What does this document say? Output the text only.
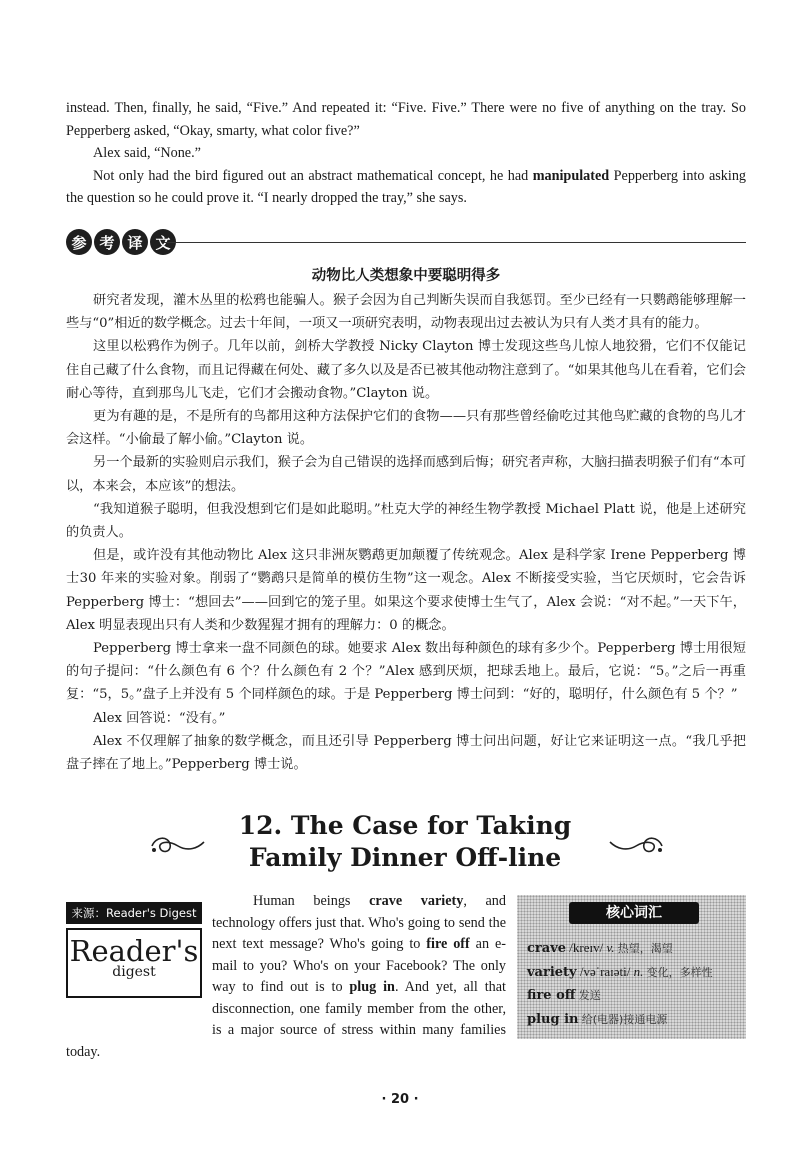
instead. Then, finally, he said, “Five.” And repeated it: “Five. Five.” There were no five of anything on the tray. So Pepperberg asked, “Okay, smarty, what color five?”

Alex said, “None.”

Not only had the bird figured out an abstract mathematical concept, he had manipulated Pepperberg into asking the question so he could prove it. “I nearly dropped the tray,” she says.

参 考 译 文
动物比人类想象中要聪明得多

研究者发现，灌木丛里的松鸦也能骗人。猴子会因为自己判断失误而自我惩罚。至少已经有一只鹦鹉能够理解一些与“0”相近的数学概念。过去十年间，一项又一项研究表明，动物表现出过去被认为只有人类才具有的能力。

这里以松鸦作为例子。几年以前，剑桥大学教授 Nicky Clayton 博士发现这些鸟儿惊人地狡猾，它们不仅能记住自己藏了什么食物，而且记得藏在何处、藏了多久以及是否已被其他动物注意到了。“如果其他鸟儿在看着，它们会耐心等待，直到那鸟儿飞走，它们才会搬动食物。”Clayton 说。

更为有趣的是，不是所有的鸟都用这种方法保护它们的食物——只有那些曾经偷吃过其他鸟贮藏的食物的鸟儿才会这样。“小偷最了解小偷。”Clayton 说。

另一个最新的实验则启示我们，猴子会为自己错误的选择而感到后悔；研究者声称，大脑扫描表明猴子们有“本可以，本来会，本应该”的想法。

“我知道猴子聪明，但我没想到它们是如此聪明。”杜克大学的神经生物学教授 Michael Platt 说，他是上述研究的负责人。

但是，或许没有其他动物比 Alex 这只非洲灰鹦鹉更加颠覆了传统观念。Alex 是科学家 Irene Pepperberg 博士30 年来的实验对象。削弱了“鹦鹉只是简单的模仿生物”这一观念。Alex 不断接受实验，当它厌烦时，它会告诉Pepperberg 博士：“想回去”——回到它的笼子里。如果这个要求使博士生气了，Alex 会说：“对不起。”一天下午，Alex 明显表现出只有人类和少数猩猩才拥有的理解力：0 的概念。

Pepperberg 博士拿来一盘不同颜色的球。她要求 Alex 数出每种颜色的球有多少个。Pepperberg 博士用很短的句子提问：“什么颜色有 6 个？什么颜色有 2 个？”Alex 感到厌烦，把球丢地上。最后，它说：“5。”之后一再重复：“5，5。”盘子上并没有 5 个同样颜色的球。于是 Pepperberg 博士问到：“好的，聪明仔，什么颜色有 5 个？”

Alex 回答说：“没有。”

Alex 不仅理解了抽象的数学概念，而且还引导 Pepperberg 博士问出问题，好让它来证明这一点。“我几乎把盘子摔在了地上。”Pepperberg 博士说。

12. The Case for Taking
Family Dinner Off-line
来源：Reader's Digest
Reader's
digest

Human beings crave variety, and technology offers just that. Who's going to send the next text message? Who's going to fire off an e-mail to you? Who's on your Facebook? The only way to find out is to plug in. And yet, all that disconnection, one family member from the other, is a major source of stress within many families today.

核心词汇
crave /kreɪv/ v. 热望，渴望
variety /vəˈraɪəti/ n. 变化，多样性
fire off 发送
plug in 给(电器)接通电源
· 20 ·
